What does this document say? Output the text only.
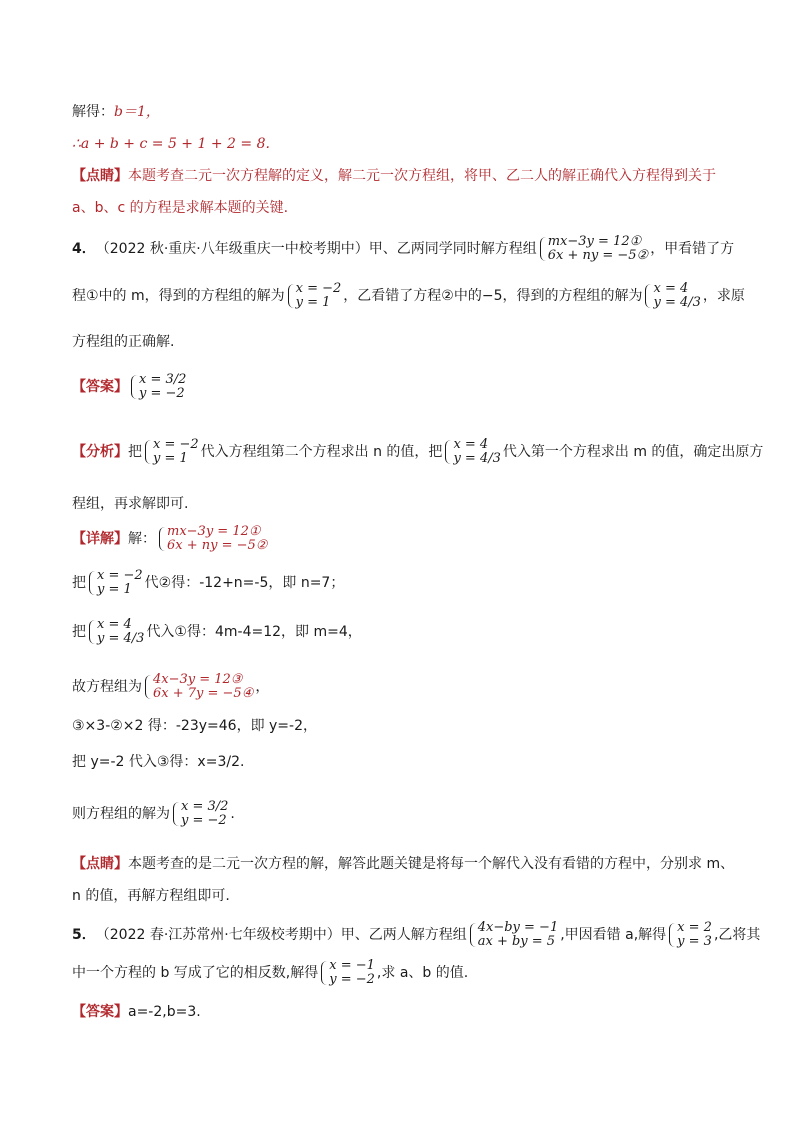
解得：b＝1，
∴a + b + c = 5 + 1 + 2 = 8.
【点睛】本题考查二元一次方程解的定义，解二元一次方程组，将甲、乙二人的解正确代入方程得到关于
a、b、c 的方程是求解本题的关键.
4． （2022 秋·重庆·八年级重庆一中校考期中） 甲、乙两同学同时解方程组 mx−3y = 12①
6x + ny = −5② ，甲看错了方
程①中的 m，得到的方程组的解为 x = −2
y = 1 ，乙看错了方程②中的−5，得到的方程组的解为 x = 4
y = 4/3 ，求原
方程组的正确解.
【答案】 x = 3/2
y = −2
【分析】 把 x = −2
y = 1 代入方程组第二个方程求出 n 的值，把 x = 4
y = 4/3 代入第一个方程求出 m 的值，确定出原方
程组，再求解即可.
【详解】 解： mx−3y = 12①
6x + ny = −5②
把 x = −2
y = 1 代②得：-12+n=-5，即 n=7；
把 x = 4
y = 4/3 代入①得：4m-4=12，即 m=4，
故方程组为 4x−3y = 12③
6x + 7y = −5④ ，
③×3-②×2 得：-23y=46，即 y=-2，
把 y=-2 代入③得：x=3/2.
则方程组的解为 x = 3/2
y = −2 .
【点睛】本题考查的是二元一次方程的解，解答此题关键是将每一个解代入没有看错的方程中，分别求 m、
n 的值，再解方程组即可.
5． （2022 春·江苏常州·七年级校考期中） 甲、乙两人解方程组 4x−by = −1
ax + by = 5 ,甲因看错 a,解得 x = 2
y = 3 ,乙将其
中一个方程的 b 写成了它的相反数,解得 x = −1
y = −2 ,求 a、b 的值.
【答案】a=-2,b=3.
